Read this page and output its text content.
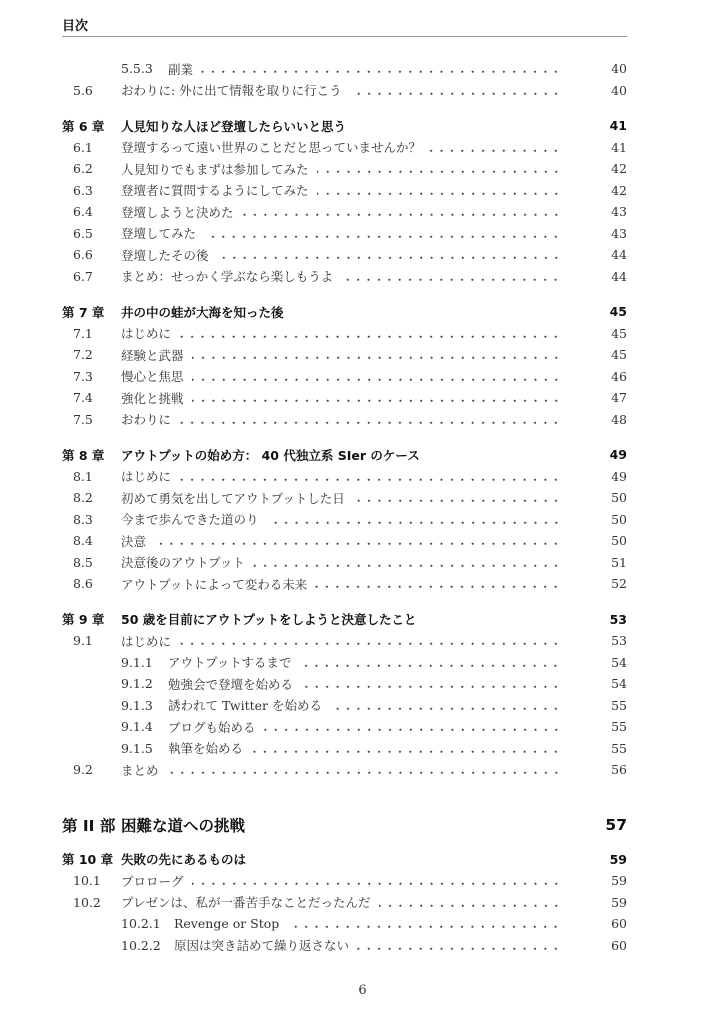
目次
5.5.3	副業	40
5.6	おわりに: 外に出て情報を取りに行こう	40
第 6 章	人見知りな人ほど登壇したらいいと思う	41
6.1	登壇するって遠い世界のことだと思っていませんか？	41
6.2	人見知りでもまずは参加してみた	42
6.3	登壇者に質問するようにしてみた	42
6.4	登壇しようと決めた	43
6.5	登壇してみた	43
6.6	登壇したその後	44
6.7	まとめ：せっかく学ぶなら楽しもうよ	44
第 7 章	井の中の蛙が大海を知った後	45
7.1	はじめに	45
7.2	経験と武器	45
7.3	慢心と焦思	46
7.4	強化と挑戦	47
7.5	おわりに	48
第 8 章	アウトプットの始め方： 40 代独立系 SIer のケース	49
8.1	はじめに	49
8.2	初めて勇気を出してアウトプットした日	50
8.3	今まで歩んできた道のり	50
8.4	決意	50
8.5	決意後のアウトプット	51
8.6	アウトプットによって変わる未来	52
第 9 章	50 歳を目前にアウトプットをしようと決意したこと	53
9.1	はじめに	53
9.1.1	アウトプットするまで	54
9.1.2	勉強会で登壇を始める	54
9.1.3	誘われて Twitter を始める	55
9.1.4	ブログも始める	55
9.1.5	執筆を始める	55
9.2	まとめ	56
第 II 部 困難な道への挑戦	57
第 10 章 失敗の先にあるものは	59
10.1	プロローグ	59
10.2	プレゼンは、私が一番苦手なことだったんだ	59
10.2.1	Revenge or Stop	60
10.2.2	原因は突き詰めて繰り返さない	60
6
